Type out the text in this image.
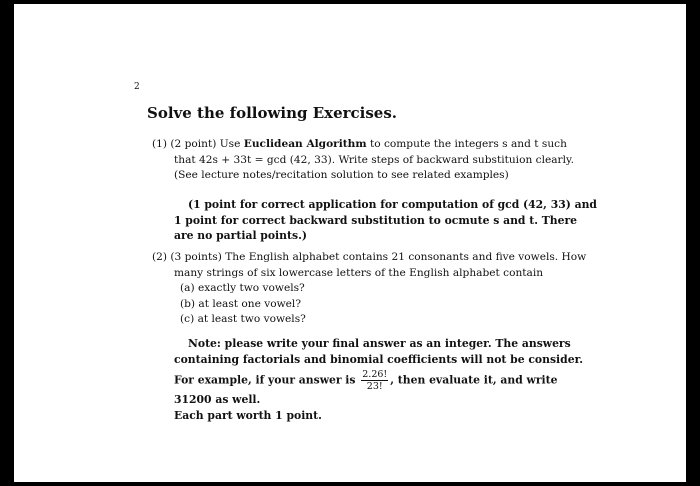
2
Solve the following Exercises.
(1) (2 point) Use Euclidean Algorithm to compute the integers s and t such
that 42s + 33t = gcd (42, 33). Write steps of backward substituion clearly.
(See lecture notes/recitation solution to see related examples)
(1 point for correct application for computation of gcd (42, 33) and
1 point for correct backward substitution to ocmute s and t. There
are no partial points.)
(2) (3 points) The English alphabet contains 21 consonants and five vowels. How
many strings of six lowercase letters of the English alphabet contain
(a) exactly two vowels?
(b) at least one vowel?
(c) at least two vowels?
Note: please write your final answer as an integer. The answers
containing factorials and binomial coefficients will not be consider.
For example, if your answer is $\frac{2.26!}{23!}$ , then evaluate it, and write
31200 as well.
Each part worth 1 point.
